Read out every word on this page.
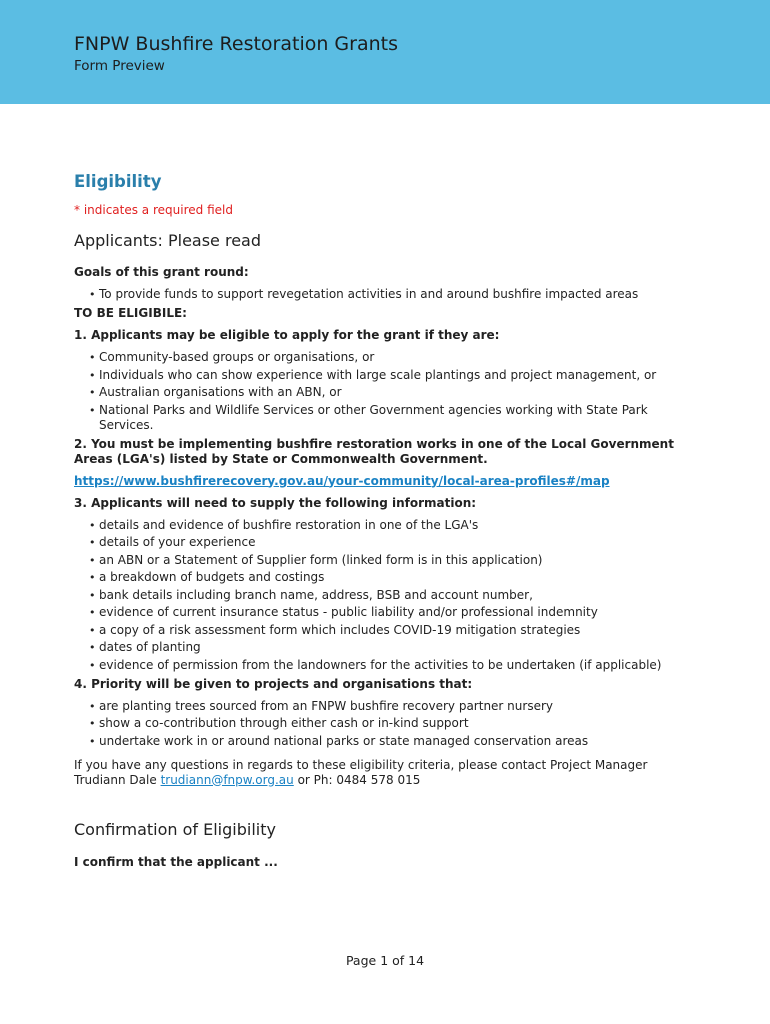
FNPW Bushfire Restoration Grants
Form Preview
Eligibility
* indicates a required field
Applicants: Please read
Goals of this grant round:
• To provide funds to support revegetation activities in and around bushfire impacted areas
TO BE ELIGIBILE:
1. Applicants may be eligible to apply for the grant if they are:
• Community-based groups or organisations, or
• Individuals who can show experience with large scale plantings and project management, or
• Australian organisations with an ABN, or
• National Parks and Wildlife Services or other Government agencies working with State Park Services.
2. You must be implementing bushfire restoration works in one of the Local Government Areas (LGA's) listed by State or Commonwealth Government.
https://www.bushfirerecovery.gov.au/your-community/local-area-profiles#/map
3. Applicants will need to supply the following information:
• details and evidence of bushfire restoration in one of the LGA's
• details of your experience
• an ABN or a Statement of Supplier form (linked form is in this application)
• a breakdown of budgets and costings
• bank details including branch name, address, BSB and account number,
• evidence of current insurance status - public liability and/or professional indemnity
• a copy of a risk assessment form which includes COVID-19 mitigation strategies
• dates of planting
• evidence of permission from the landowners for the activities to be undertaken (if applicable)
4. Priority will be given to projects and organisations that:
• are planting trees sourced from an FNPW bushfire recovery partner nursery
• show a co-contribution through either cash or in-kind support
• undertake work in or around national parks or state managed conservation areas
If you have any questions in regards to these eligibility criteria, please contact Project Manager Trudiann Dale trudiann@fnpw.org.au or Ph: 0484 578 015
Confirmation of Eligibility
I confirm that the applicant ...
Page 1 of 14
